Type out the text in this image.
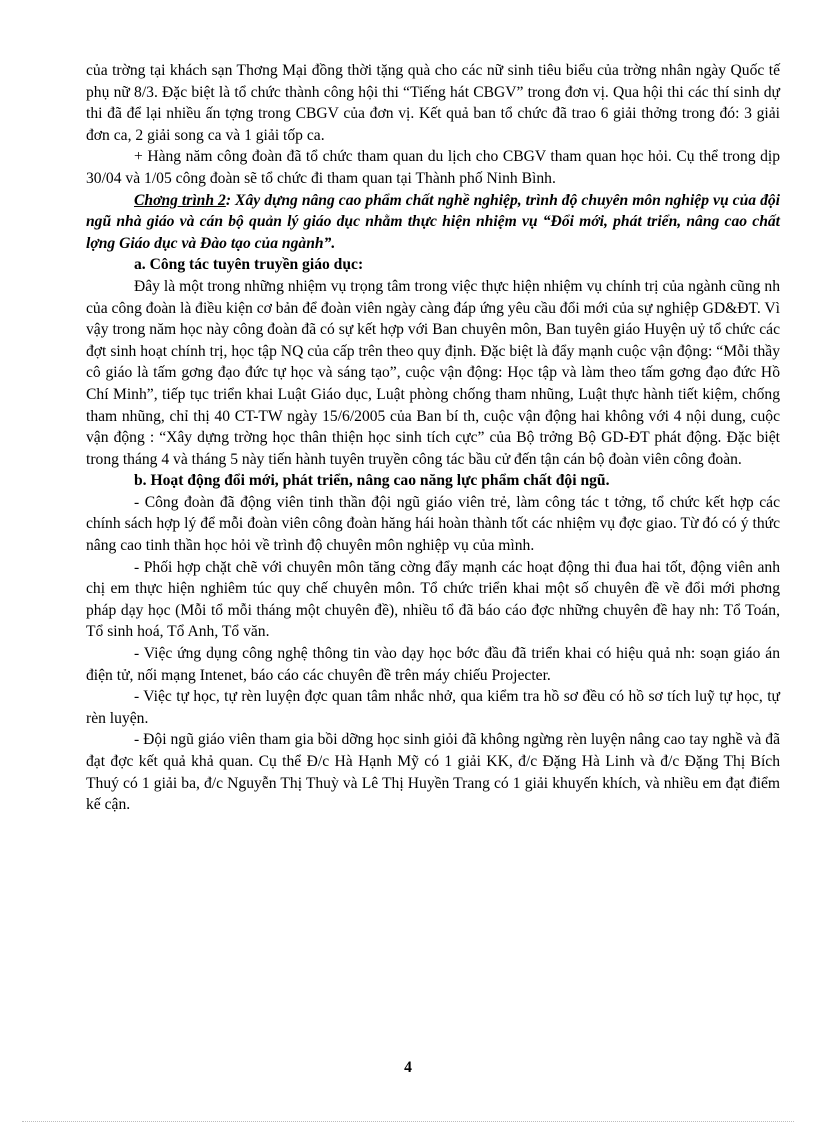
của trờng tại khách sạn Thơng Mại đồng thời tặng quà cho các nữ sinh tiêu biểu của trờng nhân ngày Quốc tế phụ nữ 8/3. Đặc biệt là tổ chức thành công hội thi “Tiếng hát CBGV” trong đơn vị. Qua hội thi các thí sinh dự thi đã để lại nhiều ấn tợng trong CBGV của đơn vị. Kết quả ban tổ chức đã trao 6 giải thởng trong đó: 3 giải đơn ca, 2 giải song ca và 1 giải tốp ca.

+ Hàng năm công đoàn đã tổ chức tham quan du lịch cho CBGV tham quan học hỏi. Cụ thể trong dịp 30/04 và 1/05 công đoàn sẽ tổ chức đi tham quan tại Thành phố Ninh Bình.

Chơng trình 2: Xây dựng nâng cao phẩm chất nghề nghiệp, trình độ chuyên môn nghiệp vụ của đội ngũ nhà giáo và cán bộ quản lý giáo dục nhằm thực hiện nhiệm vụ “Đổi mới, phát triển, nâng cao chất lợng Giáo dục và Đào tạo của ngành”.

a. Công tác tuyên truyền giáo dục:

Đây là một trong những nhiệm vụ trọng tâm trong việc thực hiện nhiệm vụ chính trị của ngành cũng nh của công đoàn là điều kiện cơ bản để đoàn viên ngày càng đáp ứng yêu cầu đổi mới của sự nghiệp GD&ĐT. Vì vậy trong năm học này công đoàn đã có sự kết hợp với Ban chuyên môn, Ban tuyên giáo Huyện uỷ tổ chức các đợt sinh hoạt chính trị, học tập NQ của cấp trên theo quy định. Đặc biệt là đẩy mạnh cuộc vận động: “Mỗi thầy cô giáo là tấm gơng đạo đức tự học và sáng tạo”, cuộc vận động: Học tập và làm theo tấm gơng đạo đức Hồ Chí Minh”, tiếp tục triển khai Luật Giáo dục, Luật phòng chống tham nhũng, Luật thực hành tiết kiệm, chống tham nhũng, chỉ thị 40 CT-TW ngày 15/6/2005 của Ban bí th, cuộc vận động hai không với 4 nội dung, cuộc vận động : “Xây dựng trờng học thân thiện học sinh tích cực” của Bộ trởng Bộ GD-ĐT phát động. Đặc biệt trong tháng 4 và tháng 5 này tiến hành tuyên truyền công tác bầu cử đến tận cán bộ đoàn viên công đoàn.

b. Hoạt động đổi mới, phát triển, nâng cao năng lực phẩm chất đội ngũ.

- Công đoàn đã động viên tinh thần đội ngũ giáo viên trẻ, làm công tác t tởng, tổ chức kết hợp các chính sách hợp lý để mỗi đoàn viên công đoàn hăng hái hoàn thành tốt các nhiệm vụ đợc giao. Từ đó có ý thức nâng cao tinh thần học hỏi về trình độ chuyên môn nghiệp vụ của mình.

- Phối hợp chặt chẽ với chuyên môn tăng cờng đẩy mạnh các hoạt động thi đua hai tốt, động viên anh chị em thực hiện nghiêm túc quy chế chuyên môn. Tổ chức triển khai một số chuyên đề về đổi mới phơng pháp dạy học (Mỗi tổ mỗi tháng một chuyên đề), nhiều tổ đã báo cáo đợc những chuyên đề hay nh: Tổ Toán, Tổ sinh hoá, Tổ Anh, Tổ văn.

- Việc ứng dụng công nghệ thông tin vào dạy học bớc đầu đã triển khai có hiệu quả nh: soạn giáo án điện tử, nối mạng Intenet, báo cáo các chuyên đề trên máy chiếu Projecter.

- Việc tự học, tự rèn luyện đợc quan tâm nhắc nhở, qua kiểm tra hồ sơ đều có hồ sơ tích luỹ tự học, tự rèn luyện.

- Đội ngũ giáo viên tham gia bồi dỡng học sinh giỏi đã không ngừng rèn luyện nâng cao tay nghề và đã đạt đợc kết quả khả quan. Cụ thể Đ/c Hà Hạnh Mỹ có 1 giải KK, đ/c Đặng Hà Linh và đ/c Đặng Thị Bích Thuý có 1 giải ba, đ/c Nguyễn Thị Thuỳ và Lê Thị Huyền Trang có 1 giải khuyến khích, và nhiều em đạt điểm kế cận.

4
